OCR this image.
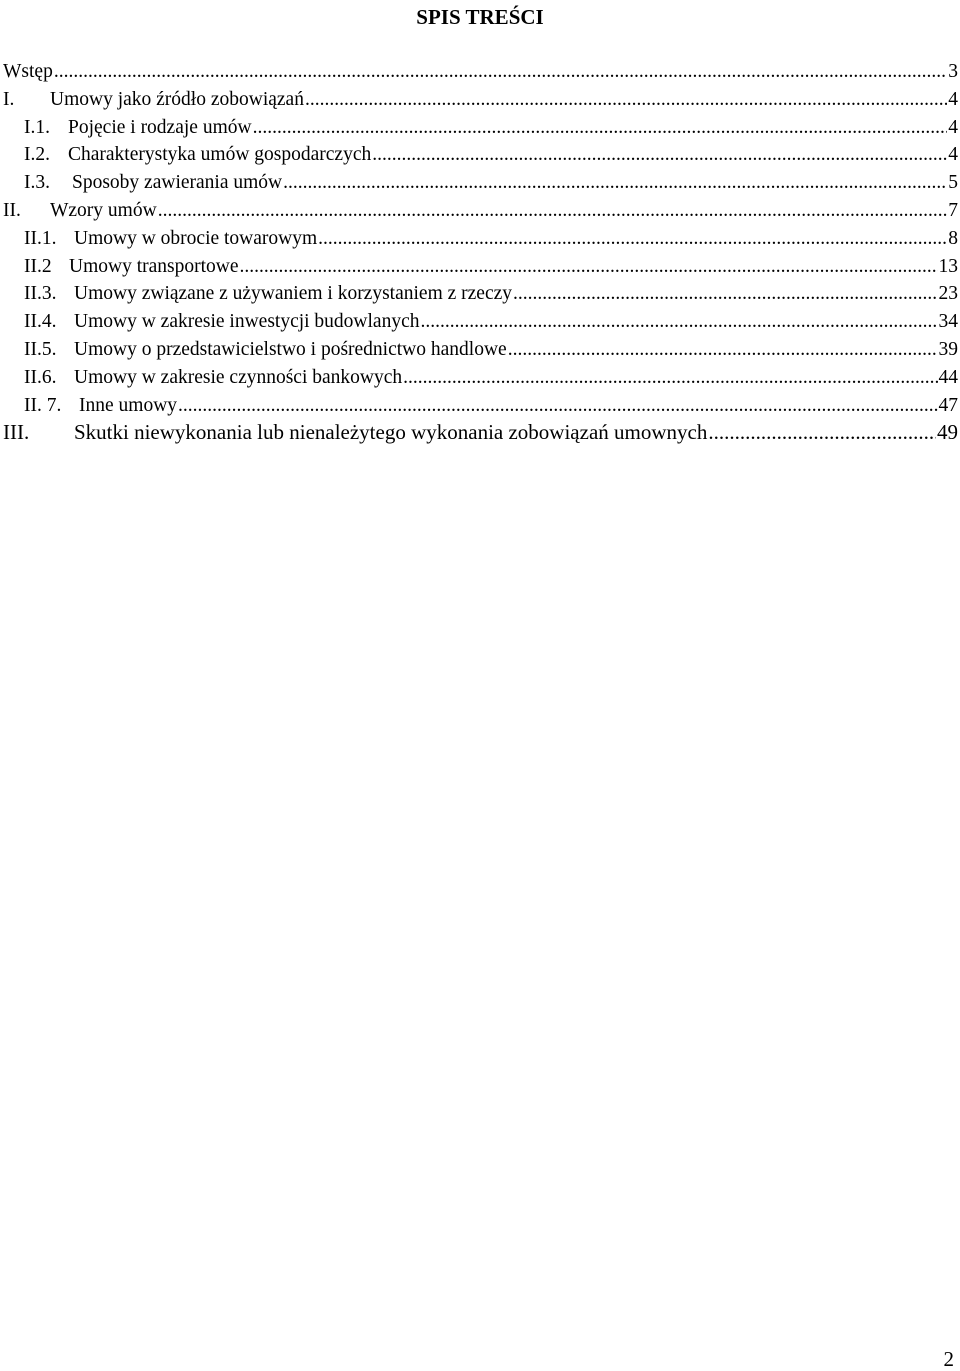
SPIS TREŚCI
Wstęp .....	3
I.	Umowy jako źródło zobowiązań .....	4
I.1. Pojęcie i rodzaje umów .....	4
I.2. Charakterystyka umów gospodarczych .....	4
I.3.	Sposoby zawierania umów .....	5
II.	Wzory umów .....	7
II.1. Umowy w obrocie towarowym .....	8
II.2 Umowy transportowe .....	13
II.3. Umowy związane z używaniem i korzystaniem z rzeczy .....	23
II.4. Umowy w zakresie inwestycji budowlanych .....	34
II.5. Umowy o przedstawicielstwo i pośrednictwo handlowe .....	39
II.6. Umowy w zakresie czynności bankowych .....	44
II. 7. Inne umowy .....	47
III.	Skutki niewykonania lub nienależytego wykonania zobowiązań umownych .....	49
2
